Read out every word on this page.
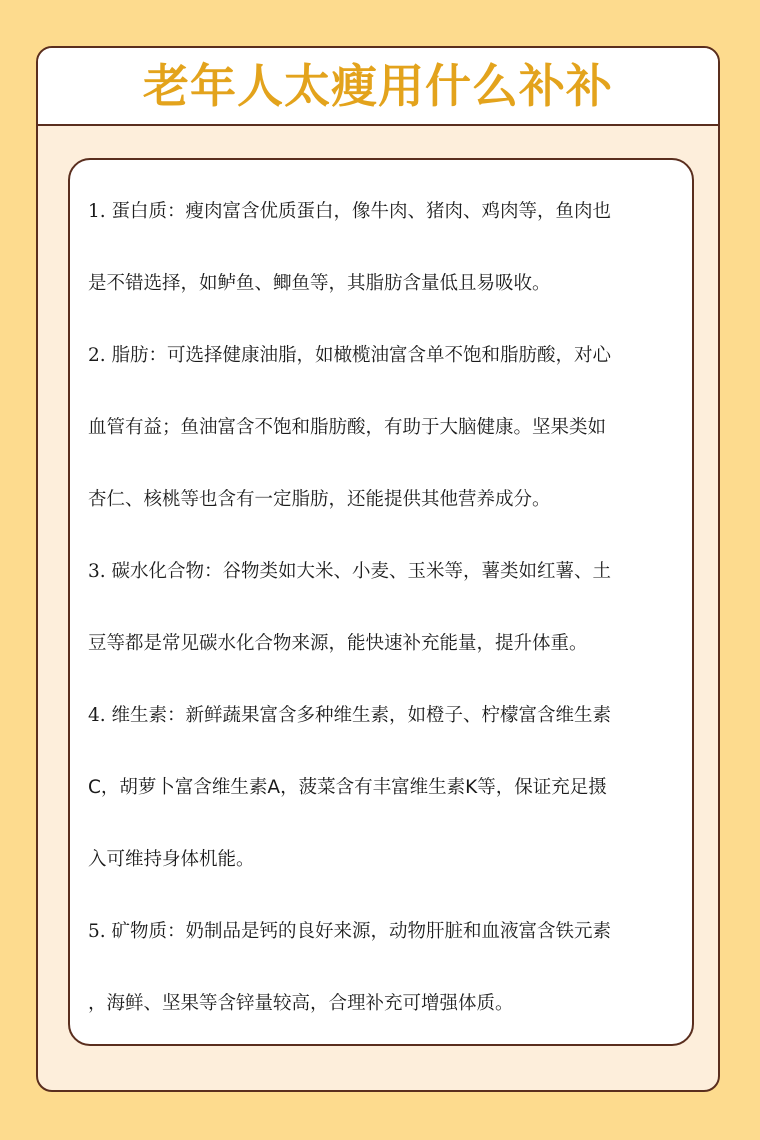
老年人太瘦用什么补补
1. 蛋白质：瘦肉富含优质蛋白，像牛肉、猪肉、鸡肉等，鱼肉也
是不错选择，如鲈鱼、鲫鱼等，其脂肪含量低且易吸收。
2. 脂肪：可选择健康油脂，如橄榄油富含单不饱和脂肪酸，对心
血管有益；鱼油富含不饱和脂肪酸，有助于大脑健康。坚果类如
杏仁、核桃等也含有一定脂肪，还能提供其他营养成分。
3. 碳水化合物：谷物类如大米、小麦、玉米等，薯类如红薯、土
豆等都是常见碳水化合物来源，能快速补充能量，提升体重。
4. 维生素：新鲜蔬果富含多种维生素，如橙子、柠檬富含维生素
C，胡萝卜富含维生素A，菠菜含有丰富维生素K等，保证充足摄
入可维持身体机能。
5. 矿物质：奶制品是钙的良好来源，动物肝脏和血液富含铁元素
，海鲜、坚果等含锌量较高，合理补充可增强体质。
